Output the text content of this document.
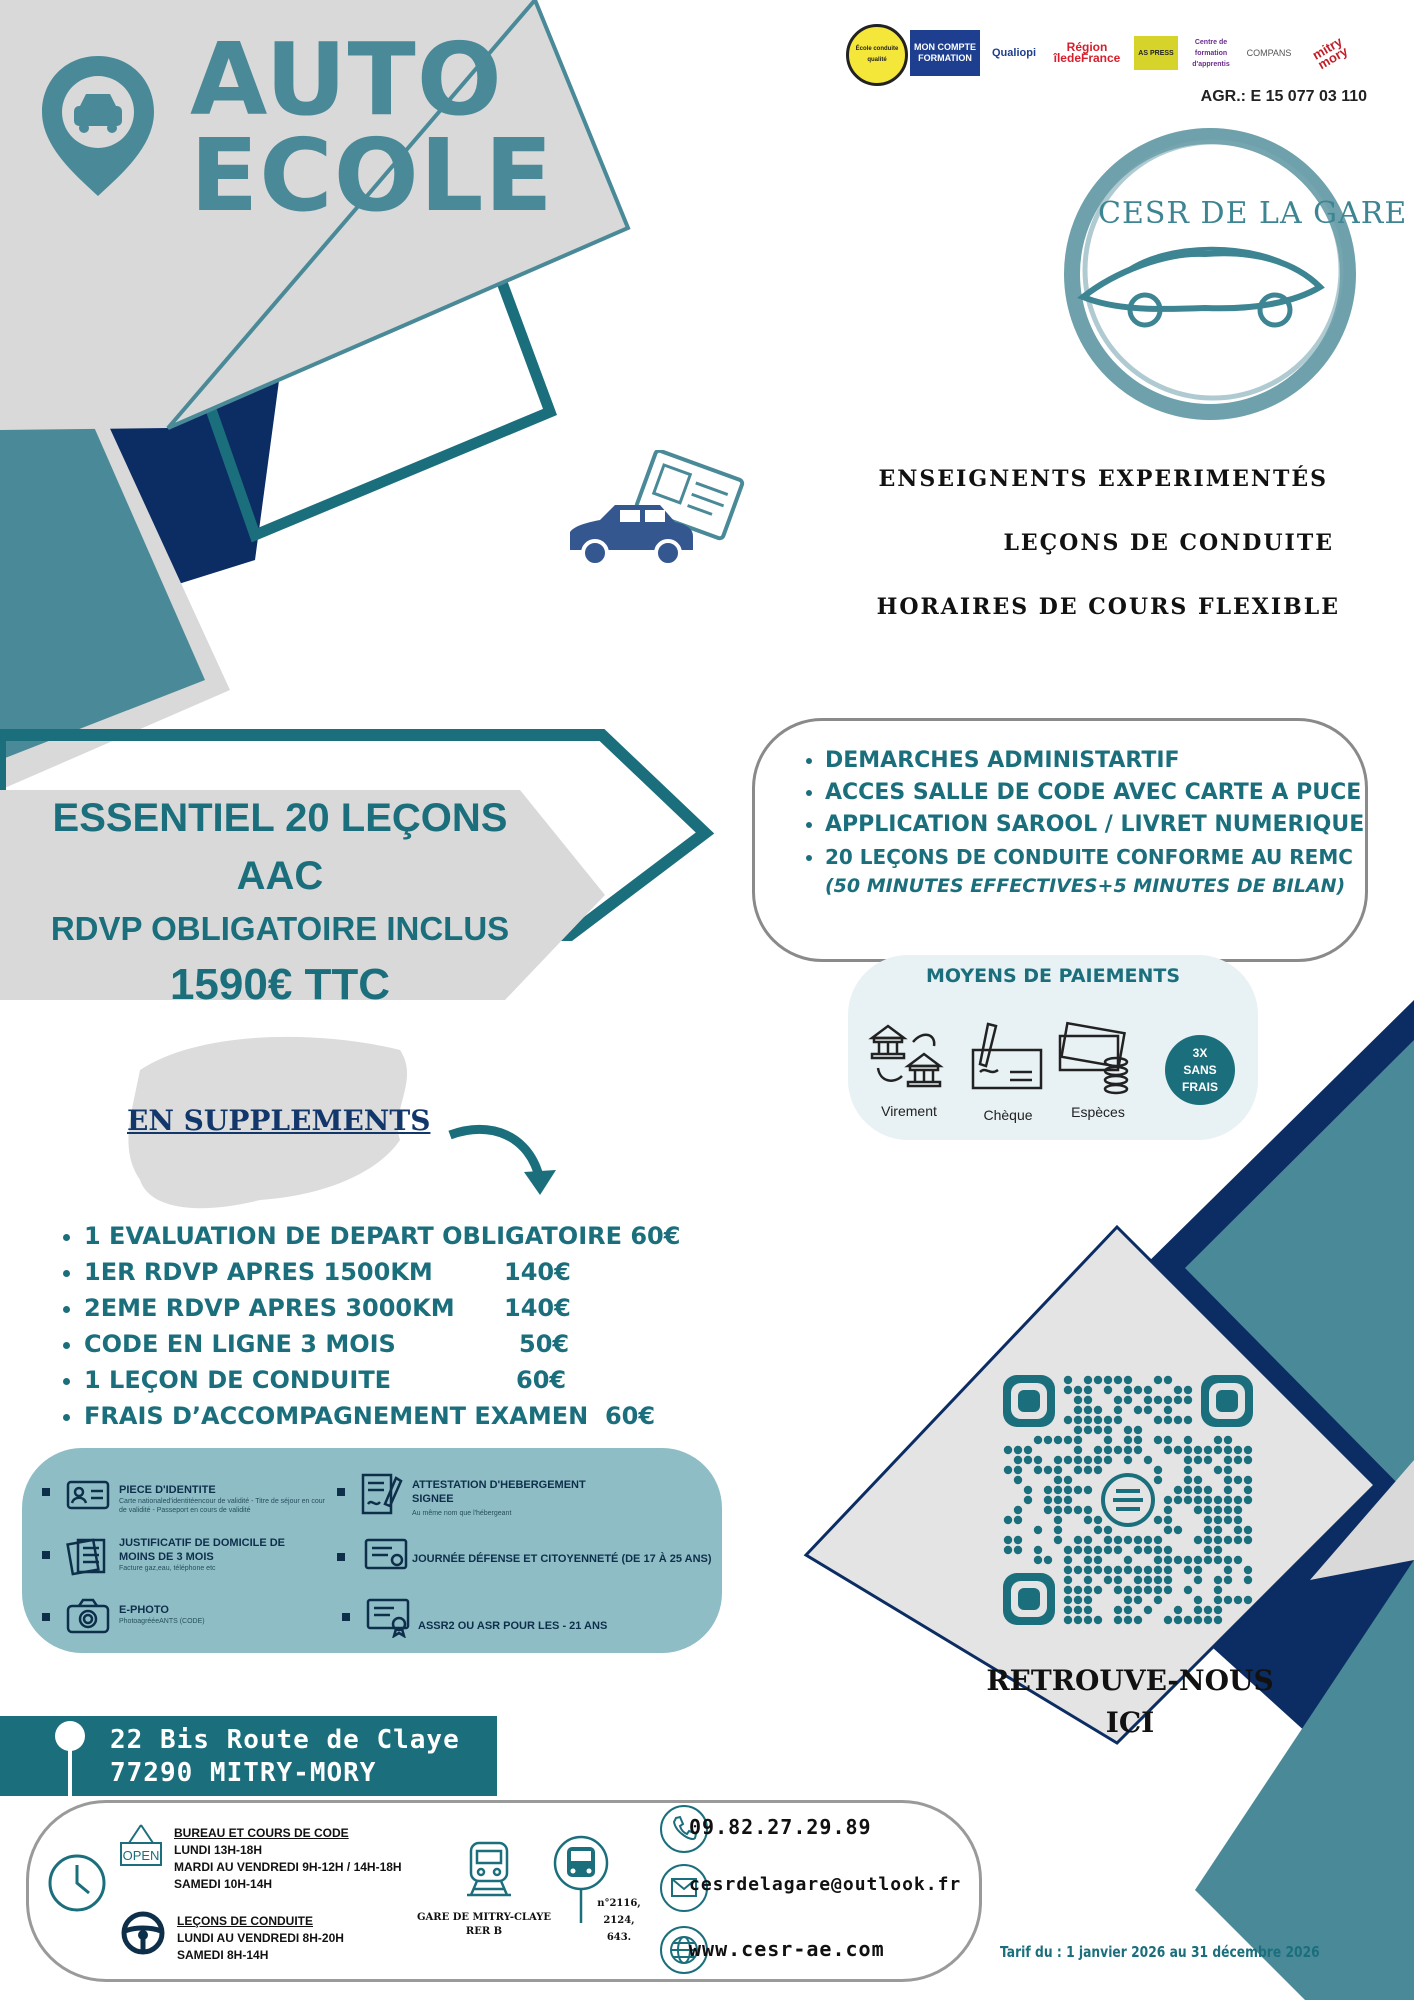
AUTO
ECOLE
École conduite qualité
MON COMPTE FORMATION	Qualiopi	Région îledeFrance	AS PRESS
Centre de formation d'apprentis
COMPANS	mitry mory
AGR.: E 15 077 03 110
CESR DE LA GARE
ENSEIGNENTS EXPERIMENTÉS
LEÇONS DE CONDUITE
HORAIRES DE COURS FLEXIBLE
ESSENTIEL 20 LEÇONS
AAC
RDVP OBLIGATOIRE INCLUS
1590€ TTC
• DEMARCHES ADMINISTARTIF
• ACCES SALLE DE CODE AVEC CARTE A PUCE
• APPLICATION SAROOL / LIVRET NUMERIQUE
• 20 LEÇONS DE CONDUITE CONFORME AU REMC
(50 MINUTES EFFECTIVES+5 MINUTES DE BILAN)
MOYENS DE PAIEMENTS
Virement	Chèque	Espèces
3X
SANS
FRAIS
EN SUPPLEMENTS
• 1 EVALUATION DE DEPART OBLIGATOIRE 60€
• 1ER RDVP APRES 1500KM	140€
• 2EME RDVP APRES 3000KM 140€
• CODE EN LIGNE 3 MOIS	50€
• 1 LEÇON DE CONDUITE	60€
• FRAIS D’ACCOMPAGNEMENT EXAMEN 60€
PIECE D'IDENTITE
Carte nationaled'identitéencour de validité - Titre de séjour en cour de validité - Passeport en cours de validité
JUSTIFICATIF DE DOMICILE DE MOINS DE 3 MOIS
Facture gaz,eau, téléphone etc
E-PHOTO
PhotoagrééeANTS (CODE)
ATTESTATION D'HEBERGEMENT SIGNEE
Au même nom que l'hébergeant
JOURNÉE DÉFENSE ET CITOYENNETÉ (DE 17 À 25 ANS)
ASSR2 OU ASR POUR LES - 21 ANS
RETROUVE-NOUS
ICI
22 Bis Route de Claye
77290 MITRY-MORY
OPEN
BUREAU ET COURS DE CODE
LUNDI 13H-18H
MARDI AU VENDREDI 9H-12H / 14H-18H
SAMEDI 10H-14H
LEÇONS DE CONDUITE
LUNDI AU VENDREDI 8H-20H
SAMEDI 8H-14H
GARE DE MITRY-CLAYE
RER B
n°2116,
2124,
643.
09.82.27.29.89
cesrdelagare@outlook.fr
www.cesr-ae.com	Tarif du : 1 janvier 2026 au 31 décembre 2026
